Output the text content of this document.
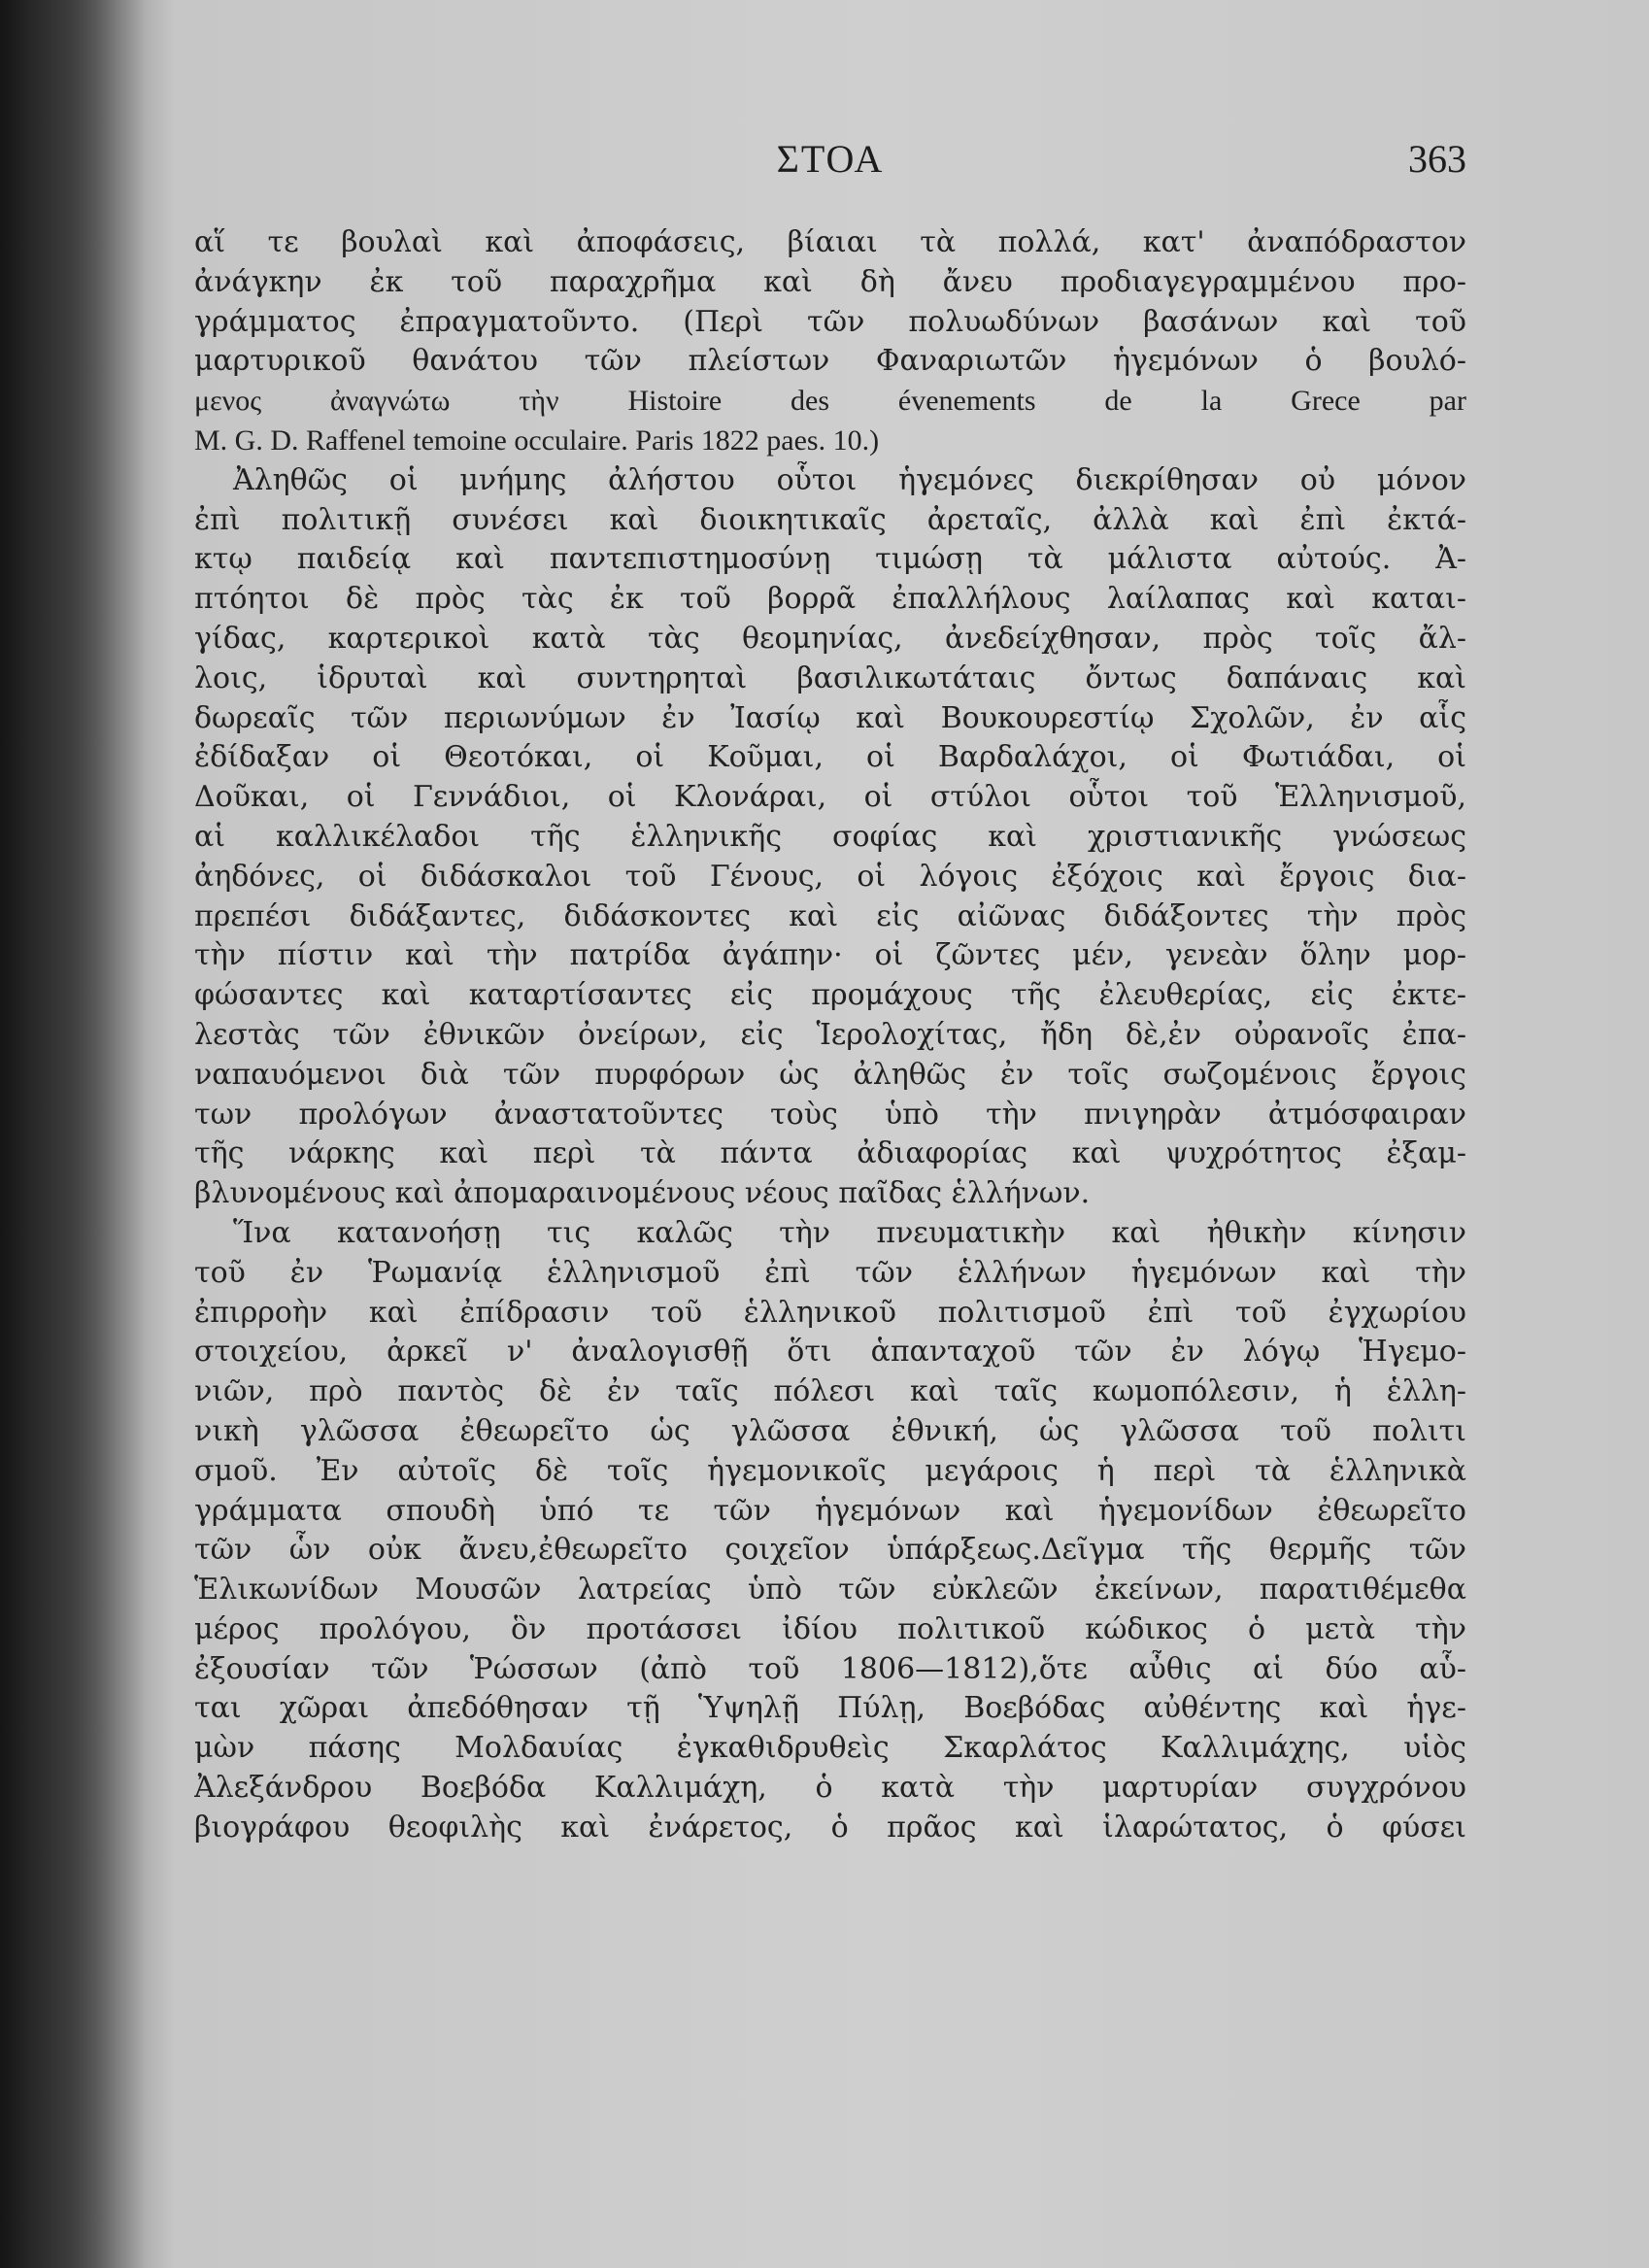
ΣΤΟΑ	363
αἵ τε βουλαὶ καὶ ἀποφάσεις, βίαιαι τὰ πολλά, κατ' ἀναπόδραστον
ἀνάγκην ἐκ τοῦ παραχρῆμα καὶ δὴ ἄνευ προδιαγεγραμμένου προ-
γράμματος ἐπραγματοῦντο. (Περὶ τῶν πολυωδύνων βασάνων καὶ τοῦ
μαρτυρικοῦ θανάτου τῶν πλείστων Φαναριωτῶν ἡγεμόνων ὁ βουλό-
μενος ἀναγνώτω τὴν Histoire des évenements de la Grece par
M. G. D. Raffenel temoine occulaire. Paris 1822 paes. 10.)
Ἀληθῶς οἱ μνήμης ἀλήστου οὗτοι ἡγεμόνες διεκρίθησαν οὐ μόνον
ἐπὶ πολιτικῇ συνέσει καὶ διοικητικαῖς ἀρεταῖς, ἀλλὰ καὶ ἐπὶ ἐκτά-
κτῳ παιδείᾳ καὶ παντεπιστημοσύνῃ τιμώσῃ τὰ μάλιστα αὐτούς. Ἀ-
πτόητοι δὲ πρὸς τὰς ἐκ τοῦ βορρᾶ ἐπαλλήλους λαίλαπας καὶ καται-
γίδας, καρτερικοὶ κατὰ τὰς θεομηνίας, ἀνεδείχθησαν, πρὸς τοῖς ἄλ-
λοις, ἱδρυταὶ καὶ συντηρηταὶ βασιλικωτάταις ὄντως δαπάναις καὶ
δωρεαῖς τῶν περιωνύμων ἐν Ἰασίῳ καὶ Βουκουρεστίῳ Σχολῶν, ἐν αἷς
ἐδίδαξαν οἱ Θεοτόκαι, οἱ Κοῦμαι, οἱ Βαρδαλάχοι, οἱ Φωτιάδαι, οἱ
Δοῦκαι, οἱ Γεννάδιοι, οἱ Κλονάραι, οἱ στύλοι οὗτοι τοῦ Ἑλληνισμοῦ,
αἱ καλλικέλαδοι τῆς ἑλληνικῆς σοφίας καὶ χριστιανικῆς γνώσεως
ἀηδόνες, οἱ διδάσκαλοι τοῦ Γένους, οἱ λόγοις ἐξόχοις καὶ ἔργοις δια-
πρεπέσι διδάξαντες, διδάσκοντες καὶ εἰς αἰῶνας διδάξοντες τὴν πρὸς
τὴν πίστιν καὶ τὴν πατρίδα ἀγάπην· οἱ ζῶντες μέν, γενεὰν ὅλην μορ-
φώσαντες καὶ καταρτίσαντες εἰς προμάχους τῆς ἐλευθερίας, εἰς ἐκτε-
λεστὰς τῶν ἐθνικῶν ὀνείρων, εἰς Ἱερολοχίτας, ἤδη δὲ,ἐν οὐρανοῖς ἐπα-
ναπαυόμενοι διὰ τῶν πυρφόρων ὡς ἀληθῶς ἐν τοῖς σωζομένοις ἔργοις
των προλόγων ἀναστατοῦντες τοὺς ὑπὸ τὴν πνιγηρὰν ἀτμόσφαιραν
τῆς νάρκης καὶ περὶ τὰ πάντα ἀδιαφορίας καὶ ψυχρότητος ἐξαμ-
βλυνομένους καὶ ἀπομαραινομένους νέους παῖδας ἑλλήνων.
Ἵνα κατανοήσῃ τις καλῶς τὴν πνευματικὴν καὶ ἠθικὴν κίνησιν
τοῦ ἐν Ῥωμανίᾳ ἑλληνισμοῦ ἐπὶ τῶν ἑλλήνων ἡγεμόνων καὶ τὴν
ἐπιρροὴν καὶ ἐπίδρασιν τοῦ ἑλληνικοῦ πολιτισμοῦ ἐπὶ τοῦ ἐγχωρίου
στοιχείου, ἀρκεῖ ν' ἀναλογισθῇ ὅτι ἁπανταχοῦ τῶν ἐν λόγῳ Ἡγεμο-
νιῶν, πρὸ παντὸς δὲ ἐν ταῖς πόλεσι καὶ ταῖς κωμοπόλεσιν, ἡ ἑλλη-
νικὴ γλῶσσα ἐθεωρεῖτο ὡς γλῶσσα ἐθνική, ὡς γλῶσσα τοῦ πολιτι
σμοῦ. Ἐν αὐτοῖς δὲ τοῖς ἡγεμονικοῖς μεγάροις ἡ περὶ τὰ ἑλληνικὰ
γράμματα σπουδὴ ὑπό τε τῶν ἡγεμόνων καὶ ἡγεμονίδων ἐθεωρεῖτο
τῶν ὧν οὐκ ἄνευ,ἐθεωρεῖτο ςοιχεῖον ὑπάρξεως.Δεῖγμα τῆς θερμῆς τῶν
Ἑλικωνίδων Μουσῶν λατρείας ὑπὸ τῶν εὐκλεῶν ἐκείνων, παρατιθέμεθα
μέρος προλόγου, ὃν προτάσσει ἰδίου πολιτικοῦ κώδικος ὁ μετὰ τὴν
ἐξουσίαν τῶν Ῥώσσων (ἀπὸ τοῦ 1806—1812),ὅτε αὖθις αἱ δύο αὗ-
ται χῶραι ἀπεδόθησαν τῇ Ὑψηλῇ Πύλῃ, Βοεβόδας αὐθέντης καὶ ἡγε-
μὼν πάσης Μολδαυίας ἐγκαθιδρυθεὶς Σκαρλάτος Καλλιμάχης, υἱὸς
Ἀλεξάνδρου Βοεβόδα Καλλιμάχη, ὁ κατὰ τὴν μαρτυρίαν συγχρόνου
βιογράφου θεοφιλὴς καὶ ἐνάρετος, ὁ πρᾶος καὶ ἱλαρώτατος, ὁ φύσει
